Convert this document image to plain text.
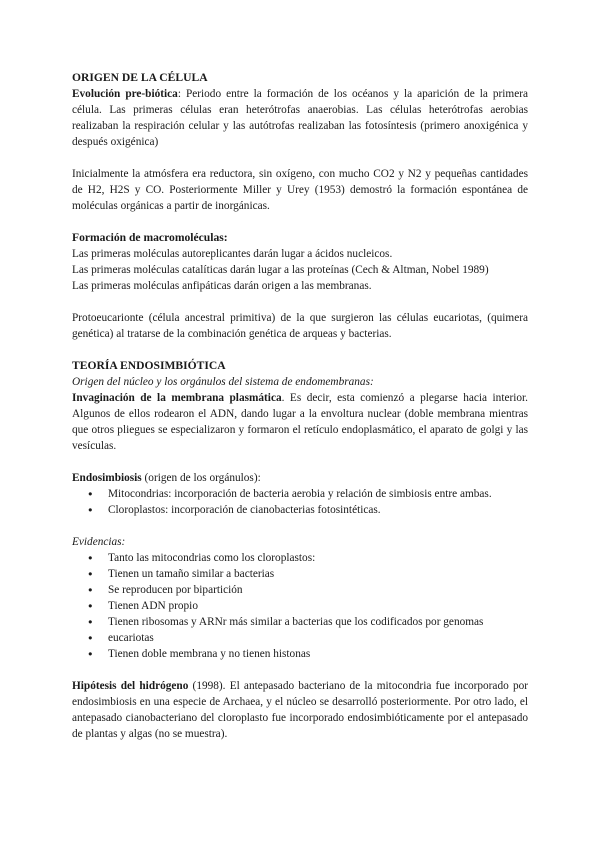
ORIGEN DE LA CÉLULA

Evolución pre-biótica: Periodo entre la formación de los océanos y la aparición de la primera célula. Las primeras células eran heterótrofas anaerobias. Las células heterótrofas aerobias realizaban la respiración celular y las autótrofas realizaban las fotosíntesis (primero anoxigénica y después oxigénica)

Inicialmente la atmósfera era reductora, sin oxígeno, con mucho CO2 y N2 y pequeñas cantidades de H2, H2S y CO. Posteriormente Miller y Urey (1953) demostró la formación espontánea de moléculas orgánicas a partir de inorgánicas.

Formación de macromoléculas:

Las primeras moléculas autoreplicantes darán lugar a ácidos nucleicos.

Las primeras moléculas catalíticas darán lugar a las proteínas (Cech & Altman, Nobel 1989)

Las primeras moléculas anfipáticas darán origen a las membranas.

Protoeucarionte (célula ancestral primitiva) de la que surgieron las células eucariotas, (quimera genética) al tratarse de la combinación genética de arqueas y bacterias.

TEORÍA ENDOSIMBIÓTICA

Origen del núcleo y los orgánulos del sistema de endomembranas:

Invaginación de la membrana plasmática. Es decir, esta comienzó a plegarse hacia interior. Algunos de ellos rodearon el ADN, dando lugar a la envoltura nuclear (doble membrana mientras que otros pliegues se especializaron y formaron el retículo endoplasmático, el aparato de golgi y las vesículas.

Endosimbiosis (origen de los orgánulos):

● Mitocondrias: incorporación de bacteria aerobia y relación de simbiosis entre ambas.
● Cloroplastos: incorporación de cianobacterias fotosintéticas.

Evidencias:

● Tanto las mitocondrias como los cloroplastos:
● Tienen un tamaño similar a bacterias
● Se reproducen por bipartición
● Tienen ADN propio
● Tienen ribosomas y ARNr más similar a bacterias que los codificados por genomas
● eucariotas
● Tienen doble membrana y no tienen histonas

Hipótesis del hidrógeno (1998). El antepasado bacteriano de la mitocondria fue incorporado por endosimbiosis en una especie de Archaea, y el núcleo se desarrolló posteriormente. Por otro lado, el antepasado cianobacteriano del cloroplasto fue incorporado endosimbióticamente por el antepasado de plantas y algas (no se muestra).
